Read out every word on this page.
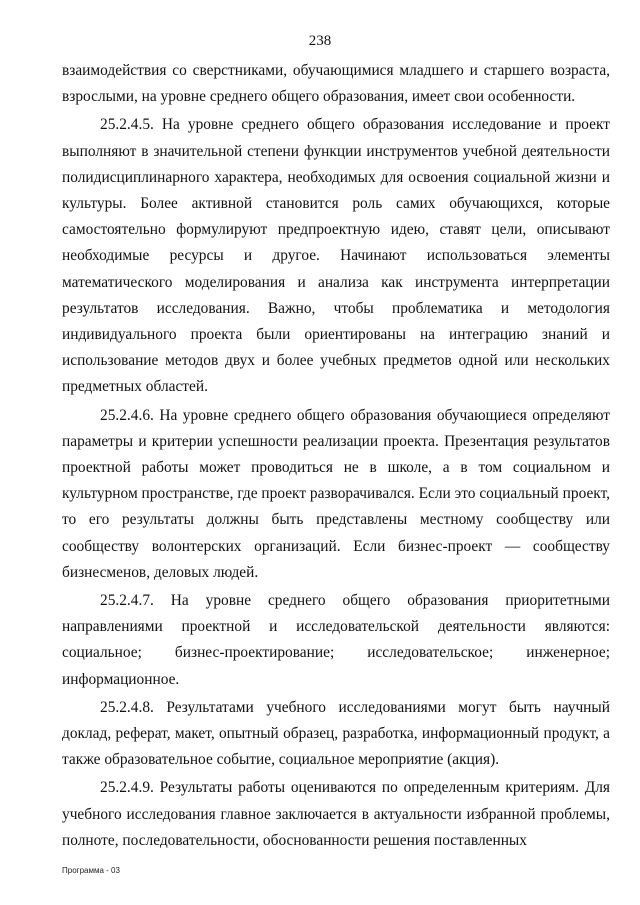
238

взаимодействия со сверстниками, обучающимися младшего и старшего возраста, взрослыми, на уровне среднего общего образования, имеет свои особенности.

25.2.4.5. На уровне среднего общего образования исследование и проект выполняют в значительной степени функции инструментов учебной деятельности полидисциплинарного характера, необходимых для освоения социальной жизни и культуры. Более активной становится роль самих обучающихся, которые самостоятельно формулируют предпроектную идею, ставят цели, описывают необходимые ресурсы и другое. Начинают использоваться элементы математического моделирования и анализа как инструмента интерпретации результатов исследования. Важно, чтобы проблематика и методология индивидуального проекта были ориентированы на интеграцию знаний и использование методов двух и более учебных предметов одной или нескольких предметных областей.

25.2.4.6. На уровне среднего общего образования обучающиеся определяют параметры и критерии успешности реализации проекта. Презентация результатов проектной работы может проводиться не в школе, а в том социальном и культурном пространстве, где проект разворачивался. Если это социальный проект, то его результаты должны быть представлены местному сообществу или сообществу волонтерских организаций. Если бизнес-проект — сообществу бизнесменов, деловых людей.

25.2.4.7. На уровне среднего общего образования приоритетными направлениями проектной и исследовательской деятельности являются: социальное; бизнес-проектирование; исследовательское; инженерное; информационное.

25.2.4.8. Результатами учебного исследованиями могут быть научный доклад, реферат, макет, опытный образец, разработка, информационный продукт, а также образовательное событие, социальное мероприятие (акция).

25.2.4.9. Результаты работы оцениваются по определенным критериям. Для учебного исследования главное заключается в актуальности избранной проблемы, полноте, последовательности, обоснованности решения поставленных

Программа - 03
